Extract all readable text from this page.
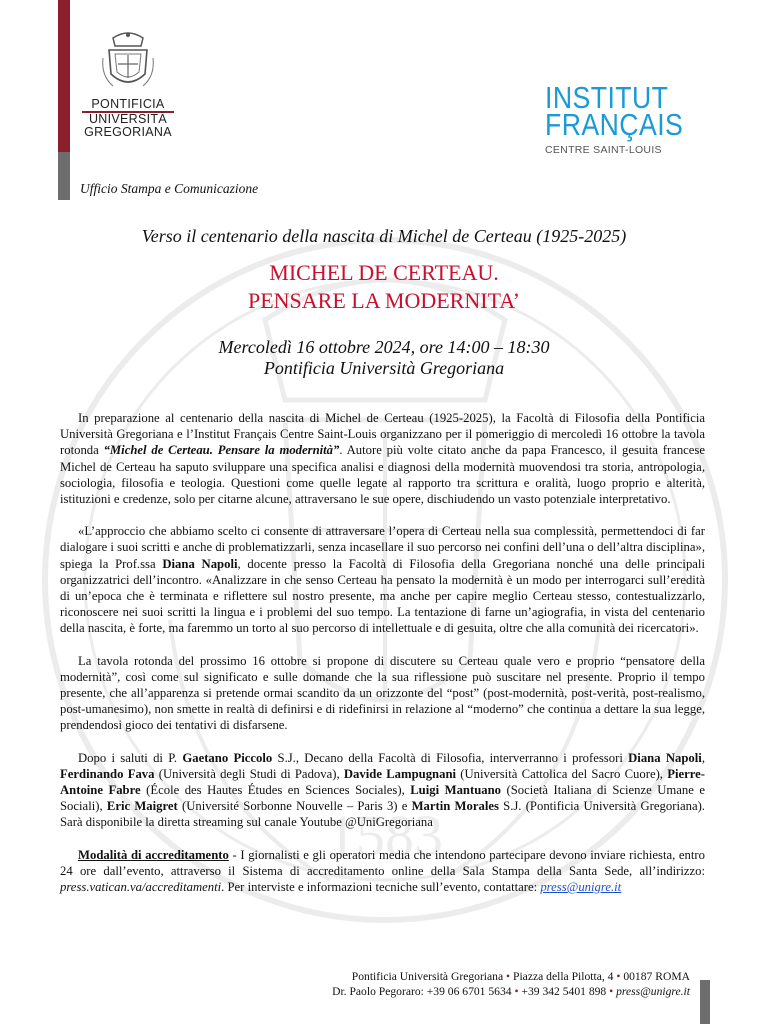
1583
PONTIFICIA
UNIVERSITÀ
GREGORIANA
INSTITUT
FRANÇAIS
CENTRE SAINT-LOUIS
Ufficio Stampa e Comunicazione
Verso il centenario della nascita di Michel de Certeau (1925-2025)
MICHEL DE CERTEAU.
PENSARE LA MODERNITA’
Mercoledì 16 ottobre 2024, ore 14:00 – 18:30
Pontificia Università Gregoriana

In preparazione al centenario della nascita di Michel de Certeau (1925-2025), la Facoltà di Filosofia della Pontificia Università Gregoriana e l’Institut Français Centre Saint-Louis organizzano per il pomeriggio di mercoledì 16 ottobre la tavola rotonda “Michel de Certeau. Pensare la modernità”. Autore più volte citato anche da papa Francesco, il gesuita francese Michel de Certeau ha saputo sviluppare una specifica analisi e diagnosi della modernità muovendosi tra storia, antropologia, sociologia, filosofia e teologia. Questioni come quelle legate al rapporto tra scrittura e oralità, luogo proprio e alterità, istituzioni e credenze, solo per citarne alcune, attraversano le sue opere, dischiudendo un vasto potenziale interpretativo.

«L’approccio che abbiamo scelto ci consente di attraversare l’opera di Certeau nella sua complessità, permettendoci di far dialogare i suoi scritti e anche di problematizzarli, senza incasellare il suo percorso nei confini dell’una o dell’altra disciplina», spiega la Prof.ssa Diana Napoli, docente presso la Facoltà di Filosofia della Gregoriana nonché una delle principali organizzatrici dell’incontro. «Analizzare in che senso Certeau ha pensato la modernità è un modo per interrogarci sull’eredità di un’epoca che è terminata e riflettere sul nostro presente, ma anche per capire meglio Certeau stesso, contestualizzarlo, riconoscere nei suoi scritti la lingua e i problemi del suo tempo. La tentazione di farne un’agiografia, in vista del centenario della nascita, è forte, ma faremmo un torto al suo percorso di intellettuale e di gesuita, oltre che alla comunità dei ricercatori».

La tavola rotonda del prossimo 16 ottobre si propone di discutere su Certeau quale vero e proprio “pensatore della modernità”, così come sul significato e sulle domande che la sua riflessione può suscitare nel presente. Proprio il tempo presente, che all’apparenza si pretende ormai scandito da un orizzonte del “post” (post-modernità, post-verità, post-realismo, post-umanesimo), non smette in realtà di definirsi e di ridefinirsi in relazione al “moderno” che continua a dettare la sua legge, prendendosi gioco dei tentativi di disfarsene.

Dopo i saluti di P. Gaetano Piccolo S.J., Decano della Facoltà di Filosofia, interverranno i professori Diana Napoli, Ferdinando Fava (Università degli Studi di Padova), Davide Lampugnani (Università Cattolica del Sacro Cuore), Pierre-Antoine Fabre (École des Hautes Études en Sciences Sociales), Luigi Mantuano (Società Italiana di Scienze Umane e Sociali), Eric Maigret (Université Sorbonne Nouvelle – Paris 3) e Martin Morales S.J. (Pontificia Università Gregoriana). Sarà disponibile la diretta streaming sul canale Youtube @UniGregoriana

Modalità di accreditamento - I giornalisti e gli operatori media che intendono partecipare devono inviare richiesta, entro 24 ore dall’evento, attraverso il Sistema di accreditamento online della Sala Stampa della Santa Sede, all’indirizzo: press.vatican.va/accreditamenti. Per interviste e informazioni tecniche sull’evento, contattare: press@unigre.it

Pontificia Università Gregoriana • Piazza della Pilotta, 4 • 00187 ROMA
Dr. Paolo Pegoraro: +39 06 6701 5634 • +39 342 5401 898 • press@unigre.it
